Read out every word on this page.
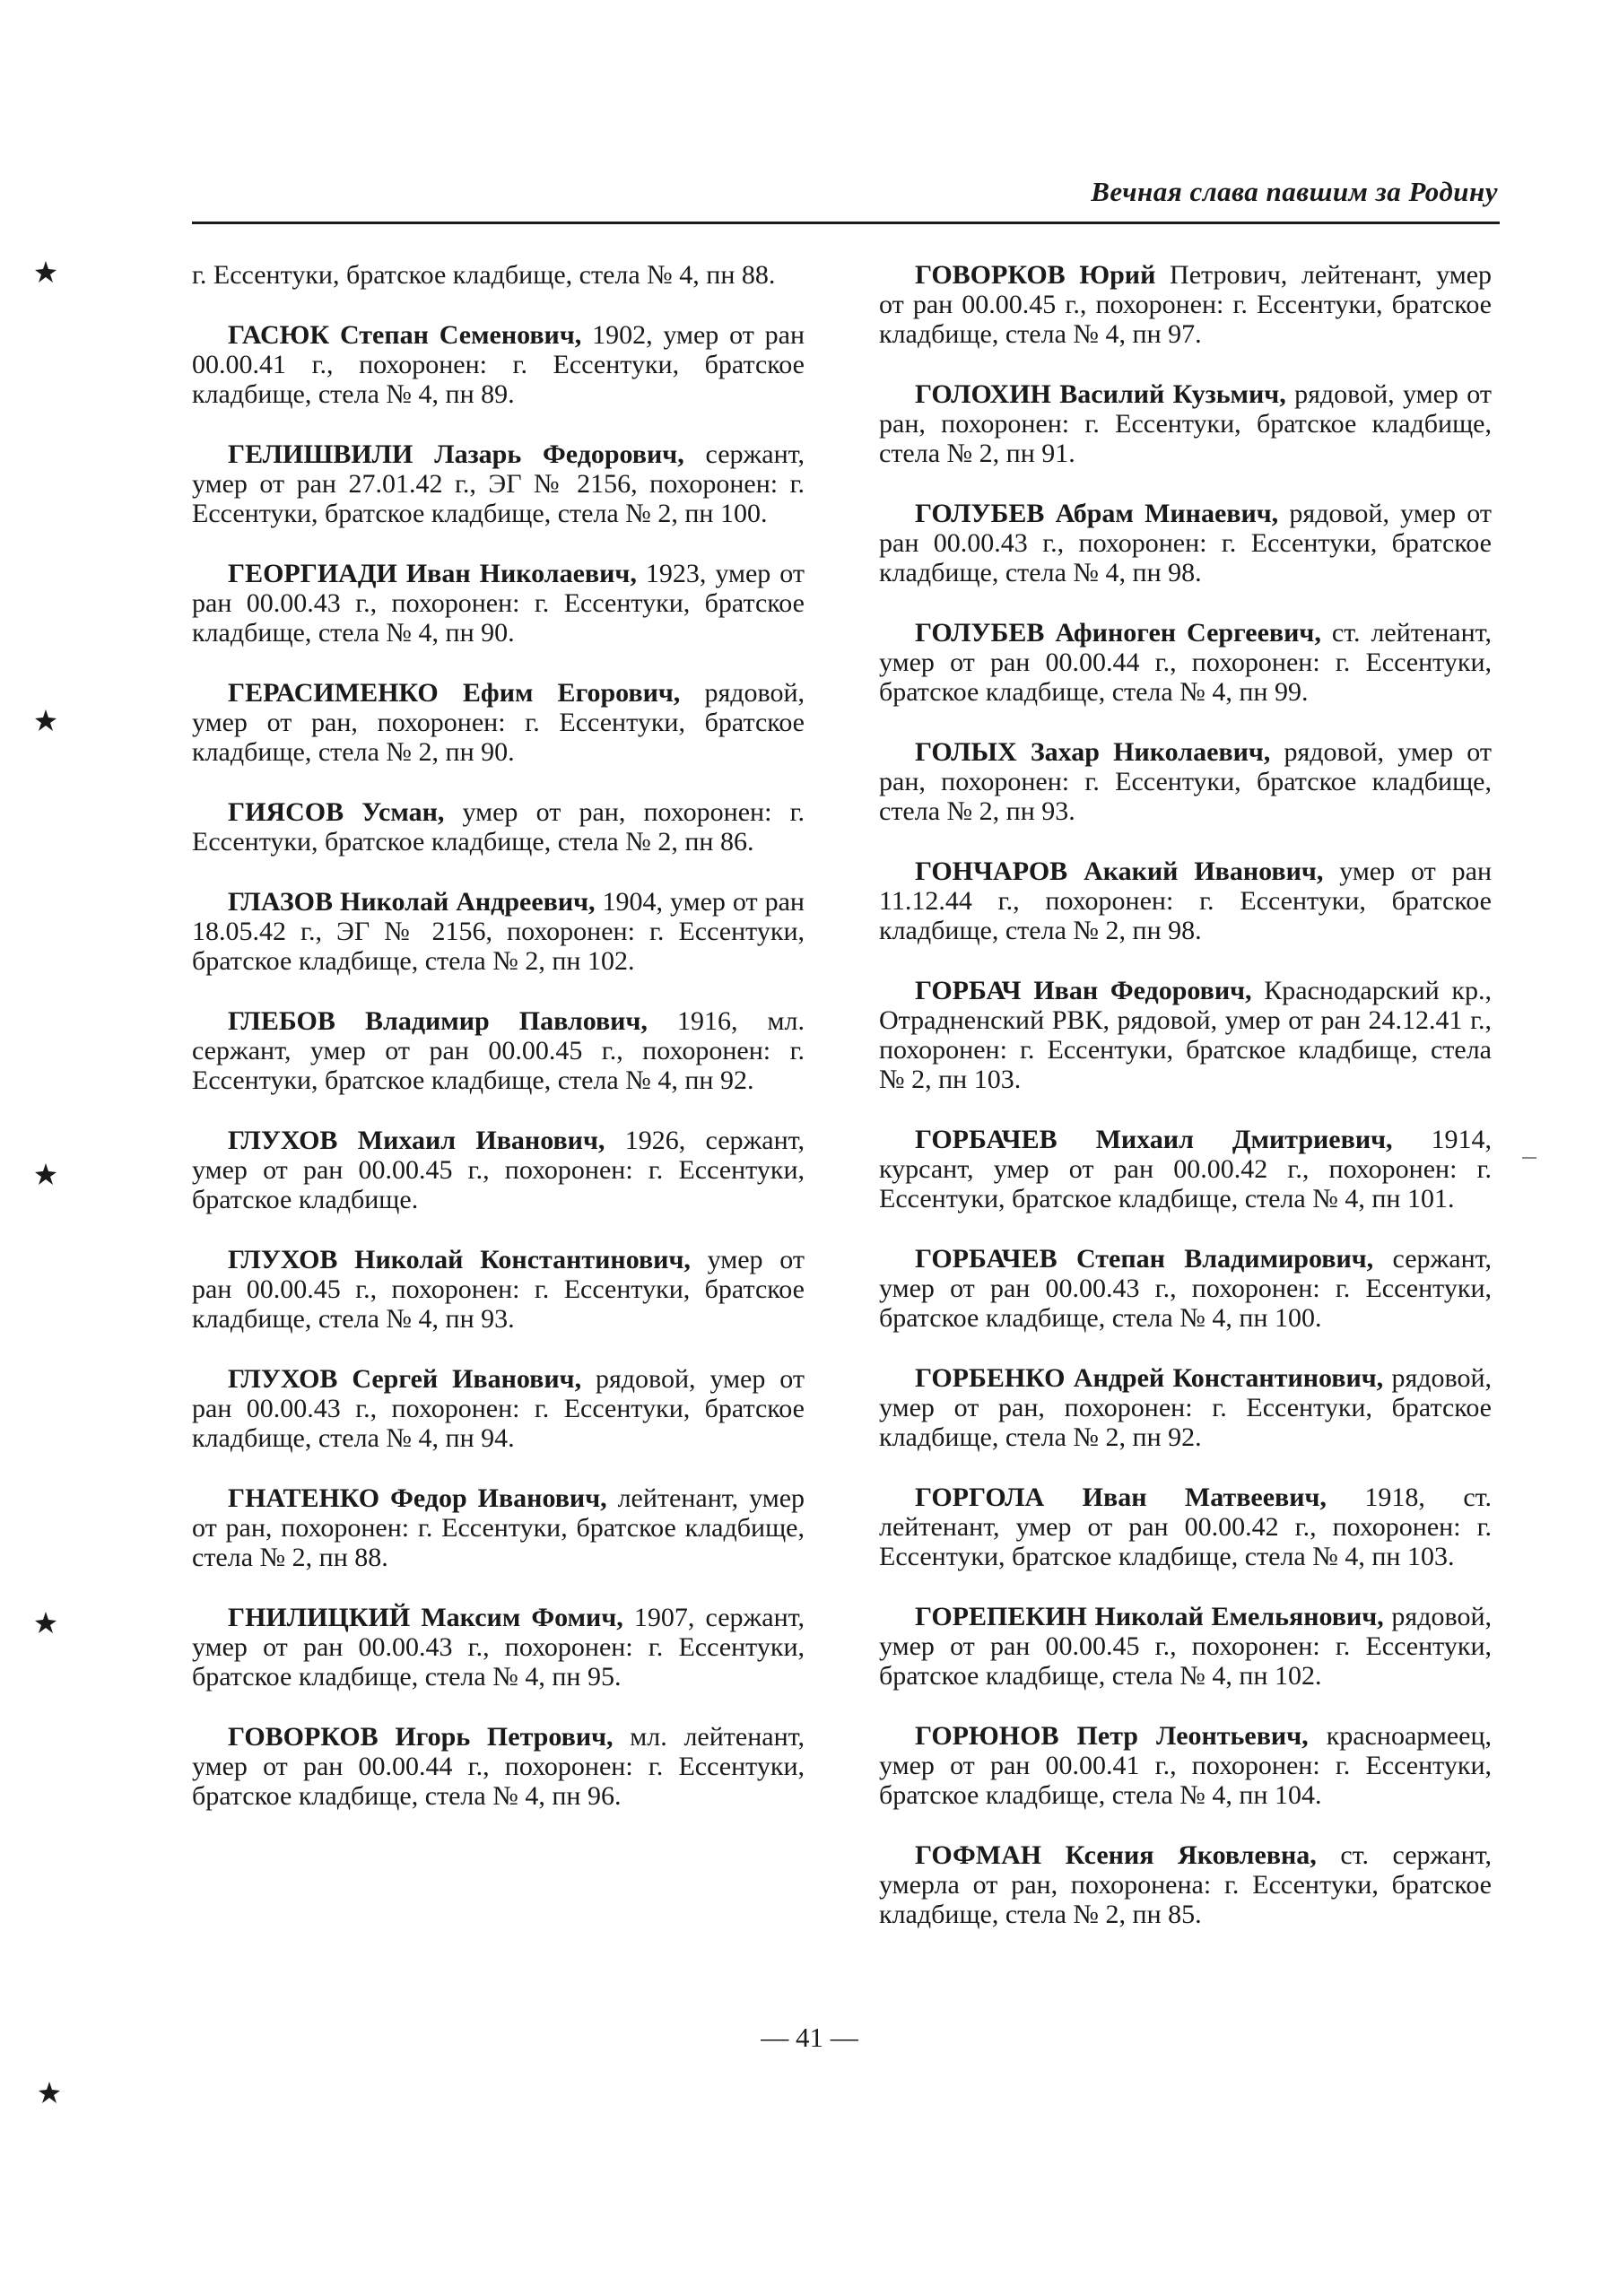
Вечная слава павшим за Родину

г. Ессентуки, братское кладбище, стела № 4, пн 88.

ГАСЮК Степан Семенович, 1902, умер от ран 00.00.41 г., похоронен: г. Ессентуки, братское кладбище, стела № 4, пн 89.

ГЕЛИШВИЛИ Лазарь Федорович, сержант, умер от ран 27.01.42 г., ЭГ № 2156, похоронен: г. Ессентуки, братское кладбище, стела № 2, пн 100.

ГЕОРГИАДИ Иван Николаевич, 1923, умер от ран 00.00.43 г., похоронен: г. Ессентуки, братское кладбище, стела № 4, пн 90.

ГЕРАСИМЕНКО Ефим Егорович, рядовой, умер от ран, похоронен: г. Ессентуки, братское кладбище, стела № 2, пн 90.

ГИЯСОВ Усман, умер от ран, похоронен: г. Ессентуки, братское кладбище, стела № 2, пн 86.

ГЛАЗОВ Николай Андреевич, 1904, умер от ран 18.05.42 г., ЭГ № 2156, похоронен: г. Ессентуки, братское кладбище, стела № 2, пн 102.

ГЛЕБОВ Владимир Павлович, 1916, мл. сержант, умер от ран 00.00.45 г., похоронен: г. Ессентуки, братское кладбище, стела № 4, пн 92.

ГЛУХОВ Михаил Иванович, 1926, сержант, умер от ран 00.00.45 г., похоронен: г. Ессентуки, братское кладбище.

ГЛУХОВ Николай Константинович, умер от ран 00.00.45 г., похоронен: г. Ессентуки, братское кладбище, стела № 4, пн 93.

ГЛУХОВ Сергей Иванович, рядовой, умер от ран 00.00.43 г., похоронен: г. Ессентуки, братское кладбище, стела № 4, пн 94.

ГНАТЕНКО Федор Иванович, лейтенант, умер от ран, похоронен: г. Ессентуки, братское кладбище, стела № 2, пн 88.

ГНИЛИЦКИЙ Максим Фомич, 1907, сержант, умер от ран 00.00.43 г., похоронен: г. Ессентуки, братское кладбище, стела № 4, пн 95.

ГОВОРКОВ Игорь Петрович, мл. лейтенант, умер от ран 00.00.44 г., похоронен: г. Ессентуки, братское кладбище, стела № 4, пн 96.

ГОВОРКОВ Юрий Петрович, лейтенант, умер от ран 00.00.45 г., похоронен: г. Ессентуки, братское кладбище, стела № 4, пн 97.

ГОЛОХИН Василий Кузьмич, рядовой, умер от ран, похоронен: г. Ессентуки, братское кладбище, стела № 2, пн 91.

ГОЛУБЕВ Абрам Минаевич, рядовой, умер от ран 00.00.43 г., похоронен: г. Ессентуки, братское кладбище, стела № 4, пн 98.

ГОЛУБЕВ Афиноген Сергеевич, ст. лейтенант, умер от ран 00.00.44 г., похоронен: г. Ессентуки, братское кладбище, стела № 4, пн 99.

ГОЛЫХ Захар Николаевич, рядовой, умер от ран, похоронен: г. Ессентуки, братское кладбище, стела № 2, пн 93.

ГОНЧАРОВ Акакий Иванович, умер от ран 11.12.44 г., похоронен: г. Ессентуки, братское кладбище, стела № 2, пн 98.

ГОРБАЧ Иван Федорович, Краснодарский кр., Отрадненский РВК, рядовой, умер от ран 24.12.41 г., похоронен: г. Ессентуки, братское кладбище, стела № 2, пн 103.

ГОРБАЧЕВ Михаил Дмитриевич, 1914, курсант, умер от ран 00.00.42 г., похоронен: г. Ессентуки, братское кладбище, стела № 4, пн 101.

ГОРБАЧЕВ Степан Владимирович, сержант, умер от ран 00.00.43 г., похоронен: г. Ессентуки, братское кладбище, стела № 4, пн 100.

ГОРБЕНКО Андрей Константинович, рядовой, умер от ран, похоронен: г. Ессентуки, братское кладбище, стела № 2, пн 92.

ГОРГОЛА Иван Матвеевич, 1918, ст. лейтенант, умер от ран 00.00.42 г., похоронен: г. Ессентуки, братское кладбище, стела № 4, пн 103.

ГОРЕПЕКИН Николай Емельянович, рядовой, умер от ран 00.00.45 г., похоронен: г. Ессентуки, братское кладбище, стела № 4, пн 102.

ГОРЮНОВ Петр Леонтьевич, красноармеец, умер от ран 00.00.41 г., похоронен: г. Ессентуки, братское кладбище, стела № 4, пн 104.

ГОФМАН Ксения Яковлевна, ст. сержант, умерла от ран, похоронена: г. Ессентуки, братское кладбище, стела № 2, пн 85.

— 41 —
